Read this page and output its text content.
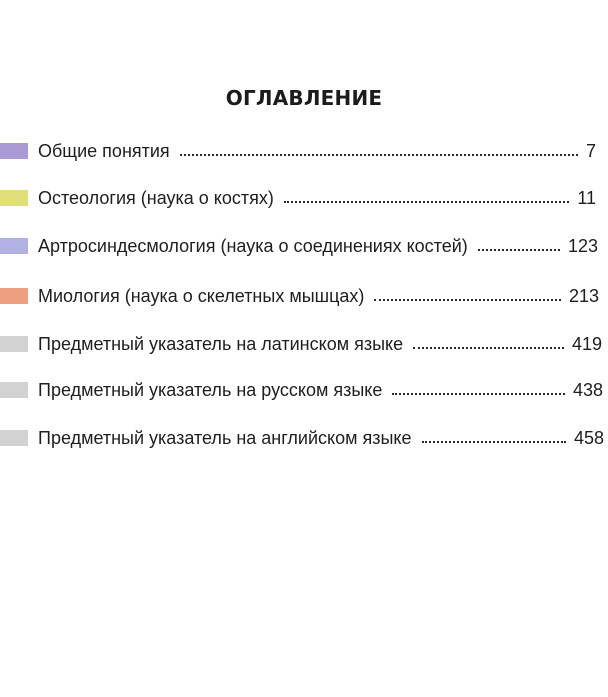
ОГЛАВЛЕНИЕ
Общие понятия	7
Остеология (наука о костях)	11
Артросиндесмология (наука о соединениях костей)	123
Миология (наука о скелетных мышцах)	213
Предметный указатель на латинском языке	419
Предметный указатель на русском языке	438
Предметный указатель на английском языке	458
